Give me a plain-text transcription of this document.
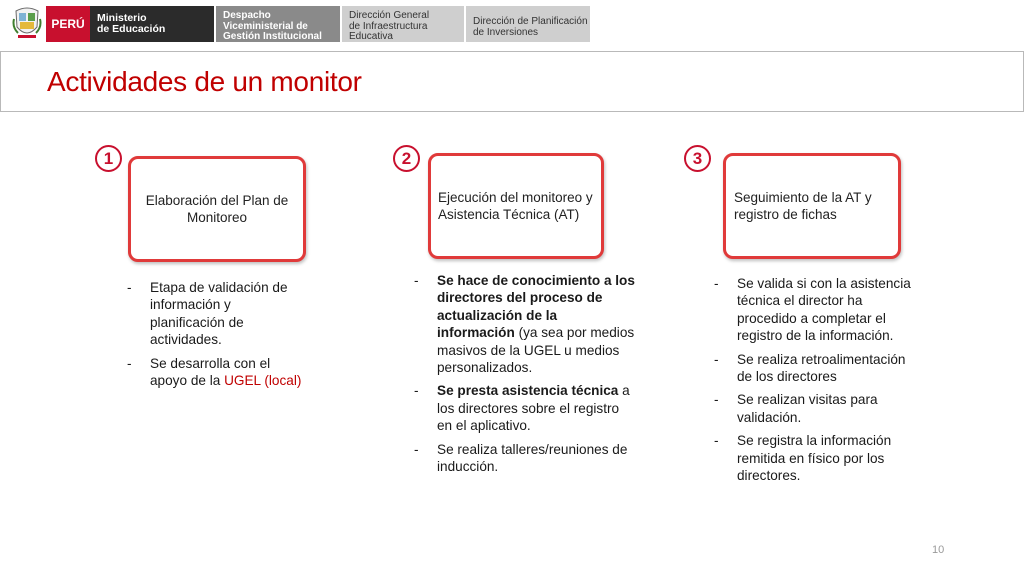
PERÚ	Ministerio
de Educación
Despacho
Viceministerial de
Gestión Institucional
Dirección General
de Infraestructura
Educativa
Dirección de Planificación
de Inversiones
Actividades de un monitor
1
Elaboración del Plan de Monitoreo
- Etapa de validación de información y planificación de actividades.
- Se desarrolla con el apoyo de la UGEL (local)
2
Ejecución del monitoreo y Asistencia Técnica (AT)
- Se hace de conocimiento a los directores del proceso de actualización de la información (ya sea por medios masivos de la UGEL u medios personalizados.
- Se presta asistencia técnica a los directores sobre el registro en el aplicativo.
- Se realiza talleres/reuniones de inducción.
3
Seguimiento de la AT y registro de fichas
- Se valida si con la asistencia técnica el director ha procedido a completar el registro de la información.
- Se realiza retroalimentación de los directores
- Se realizan visitas para validación.
- Se registra la información remitida en físico por los directores.
10
